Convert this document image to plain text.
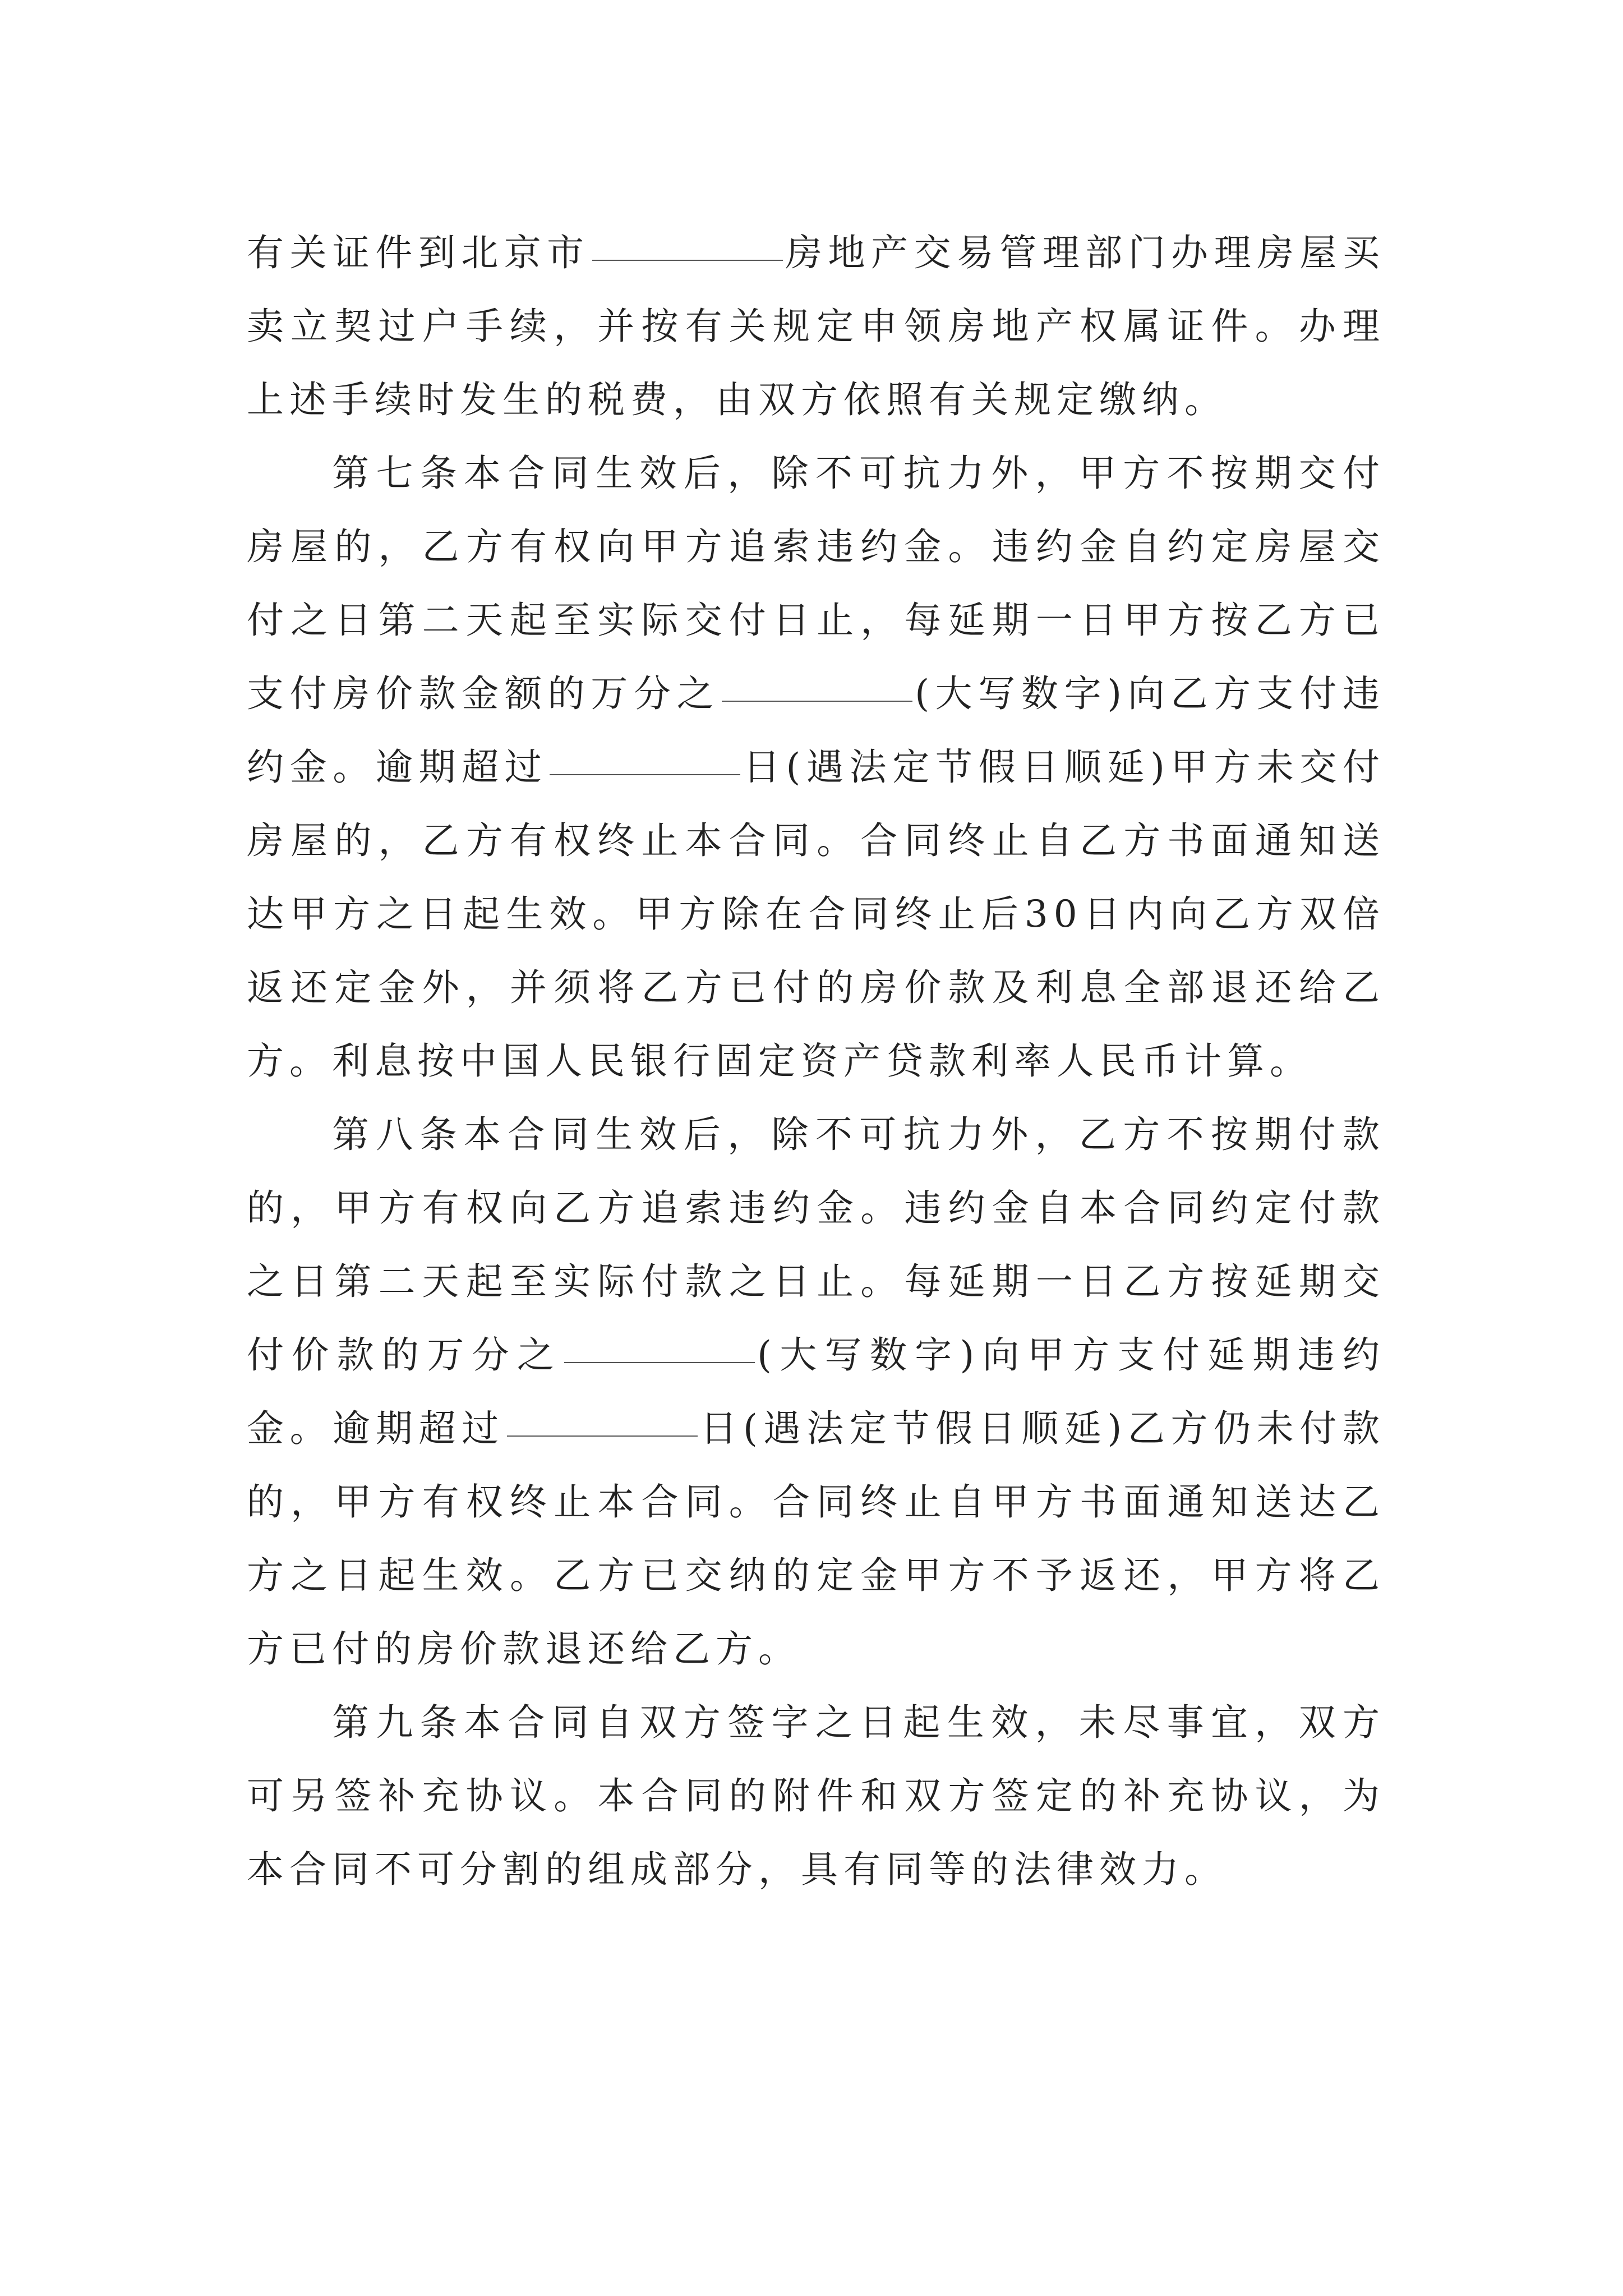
有关证件到北京市	房地产交易管理部门办理房屋买卖立契过户手续，并按有关规定申领房地产权属证件。办理上述手续时发生的税费，由双方依照有关规定缴纳。

第七条本合同生效后，除不可抗力外，甲方不按期交付房屋的，乙方有权向甲方追索违约金。违约金自约定房屋交付之日第二天起至实际交付日止，每延期一日甲方按乙方已支付房价款金额的万分之	(大写数字)向乙方支付违约金。逾期超过	日(遇法定节假日顺延)甲方未交付房屋的，乙方有权终止本合同。合同终止自乙方书面通知送达甲方之日起生效。甲方除在合同终止后30日内向乙方双倍返还定金外，并须将乙方已付的房价款及利息全部退还给乙方。利息按中国人民银行固定资产贷款利率人民币计算。

第八条本合同生效后，除不可抗力外，乙方不按期付款的，甲方有权向乙方追索违约金。违约金自本合同约定付款之日第二天起至实际付款之日止。每延期一日乙方按延期交付价款的万分之	(大写数字)向甲方支付延期违约金。逾期超过	日(遇法定节假日顺延)乙方仍未付款的，甲方有权终止本合同。合同终止自甲方书面通知送达乙方之日起生效。乙方已交纳的定金甲方不予返还，甲方将乙方已付的房价款退还给乙方。

第九条本合同自双方签字之日起生效，未尽事宜，双方可另签补充协议。本合同的附件和双方签定的补充协议，为本合同不可分割的组成部分，具有同等的法律效力。
